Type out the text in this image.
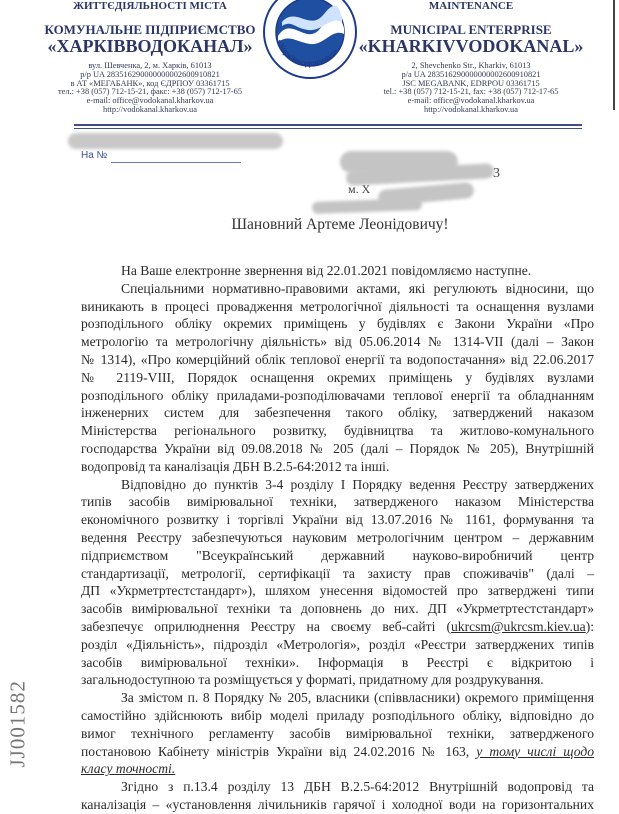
ЖИТТЄДІЯЛЬНОСТІ МІСТА
КОМУНАЛЬНЕ ПІДПРИЄМСТВО
«ХАРКІВВОДОКАНАЛ»
вул. Шевченка, 2, м. Харків, 61013
р/р UA 283516290000000002600910821
в АТ «МЕГАБАНК», код ЄДРПОУ 03361715
тел.: +38 (057) 712-15-21, факс: +38 (057) 712-17-65
e-mail: office@vodokanal.kharkov.ua
http://vodokanal.kharkov.ua
«Харківводоканал»
MAINTENANCE
MUNICIPAL ENTERPRISE
«KHARKIVVODOKANAL»
2, Shevchenko Str., Kharkiv, 61013
p/a UA 283516290000000002600910821
JSC MEGABANK, EDRPOU 03361715
tel.: +38 (057) 712-15-21, fax: +38 (057) 712-17-65
e-mail: office@vodokanal.kharkov.ua
http://vodokanal.kharkov.ua
На №
3
м. Х
Шановний Артеме Леонідовичу!
На Ваше електронне звернення від 22.01.2021 повідомляємо наступне.
Спеціальними нормативно-правовими актами, які регулюють відносини, що
виникають в процесі провадження метрологічної діяльності та оснащення вузлами
розподільного обліку окремих приміщень у будівлях є Закони України «Про
метрологію та метрологічну діяльність» від 05.06.2014 № 1314-VII (далі – Закон
№ 1314), «Про комерційний облік теплової енергії та водопостачання» від 22.06.2017
№ 2119-VIII, Порядок оснащення окремих приміщень у будівлях вузлами
розподільного обліку приладами-розподілювачами теплової енергії та обладнанням
інженерних систем для забезпечення такого обліку, затверджений наказом
Міністерства регіонального розвитку, будівництва та житлово-комунального
господарства України від 09.08.2018 № 205 (далі – Порядок № 205), Внутрішній
водопровід та каналізація ДБН В.2.5-64:2012 та інші.
Відповідно до пунктів 3-4 розділу І Порядку ведення Реєстру затверджених
типів засобів вимірювальної техніки, затвердженого наказом Міністерства
економічного розвитку і торгівлі України від 13.07.2016 № 1161, формування та
ведення Реєстру забезпечуються науковим метрологічним центром – державним
підприємством "Всеукраїнський державний науково-виробничий центр
стандартизації, метрології, сертифікації та захисту прав споживачів" (далі –
ДП «Укрметртестстандарт»), шляхом унесення відомостей про затверджені типи
засобів вимірювальної техніки та доповнень до них. ДП «Укрметртестстандарт»
забезпечує оприлюднення Реєстру на своєму веб-сайті (ukrcsm@ukrcsm.kiev.ua):
розділ «Діяльність», підрозділ «Метрологія», розділ «Реєстри затверджених типів
засобів вимірювальної техніки». Інформація в Реєстрі є відкритою і
загальнодоступною та розміщується у форматі, придатному для роздрукування.
За змістом п. 8 Порядку № 205, власники (співвласники) окремого приміщення
самостійно здійснюють вибір моделі приладу розподільного обліку, відповідно до
вимог технічного регламенту засобів вимірювальної техніки, затвердженого
постановою Кабінету міністрів України від 24.02.2016 № 163, у тому числі щодо
класу точності.
Згідно з п.13.4 розділу 13 ДБН В.2.5-64:2012 Внутрішній водопровід та
каналізація – «установлення лічильників гарячої і холодної води на горизонтальних
JJ001582
